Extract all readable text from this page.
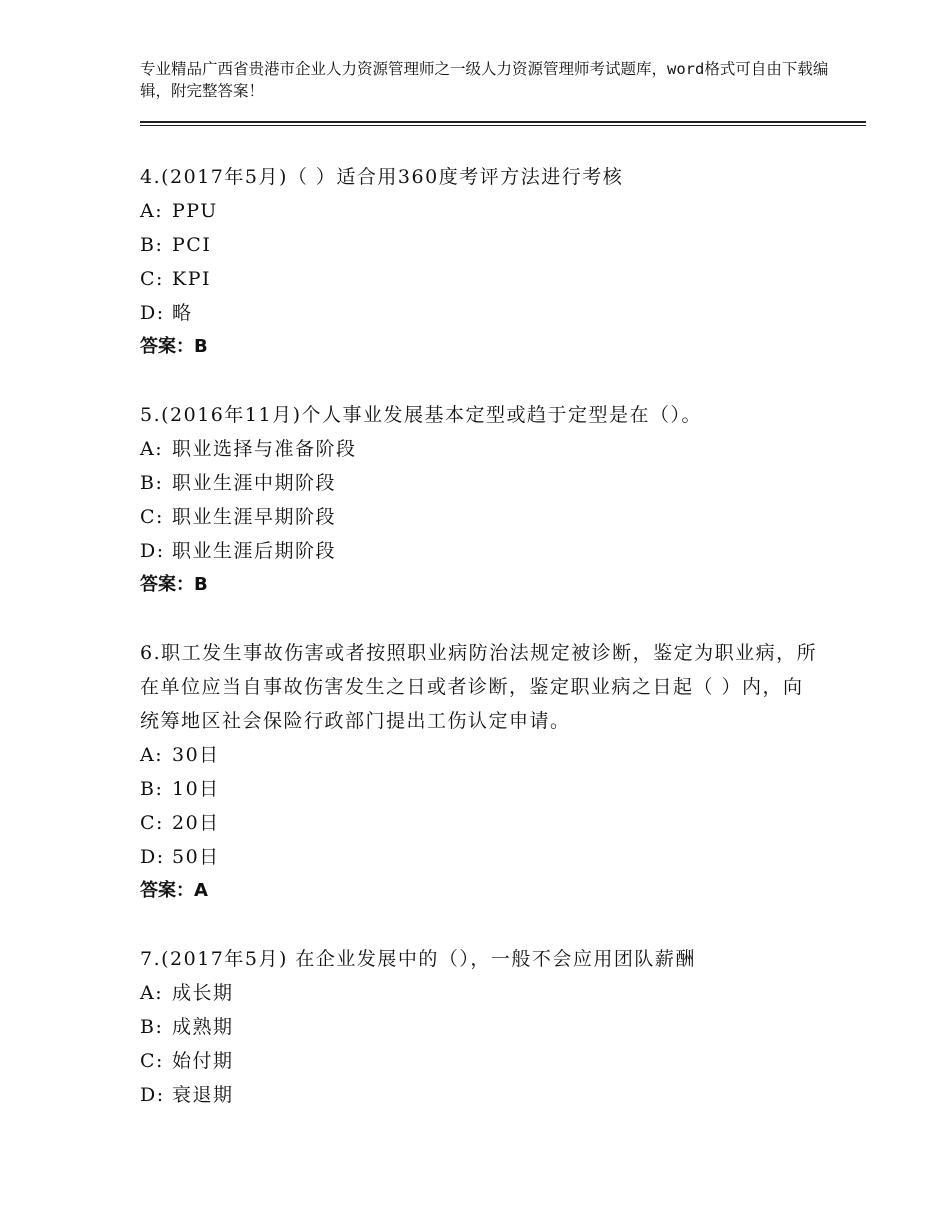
专业精品广西省贵港市企业人力资源管理师之一级人力资源管理师考试题库，word格式可自由下载编辑，附完整答案！
4.(2017年5月)（ ）适合用360度考评方法进行考核
A: PPU
B: PCI
C: KPI
D: 略
答案：B
5.(2016年11月)个人事业发展基本定型或趋于定型是在（）。
A: 职业选择与准备阶段
B: 职业生涯中期阶段
C: 职业生涯早期阶段
D: 职业生涯后期阶段
答案：B
6.职工发生事故伤害或者按照职业病防治法规定被诊断，鉴定为职业病，所在单位应当自事故伤害发生之日或者诊断，鉴定职业病之日起（ ）内，向统筹地区社会保险行政部门提出工伤认定申请。
A: 30日
B: 10日
C: 20日
D: 50日
答案：A
7.(2017年5月) 在企业发展中的（），一般不会应用团队薪酬
A: 成长期
B: 成熟期
C: 始付期
D: 衰退期
